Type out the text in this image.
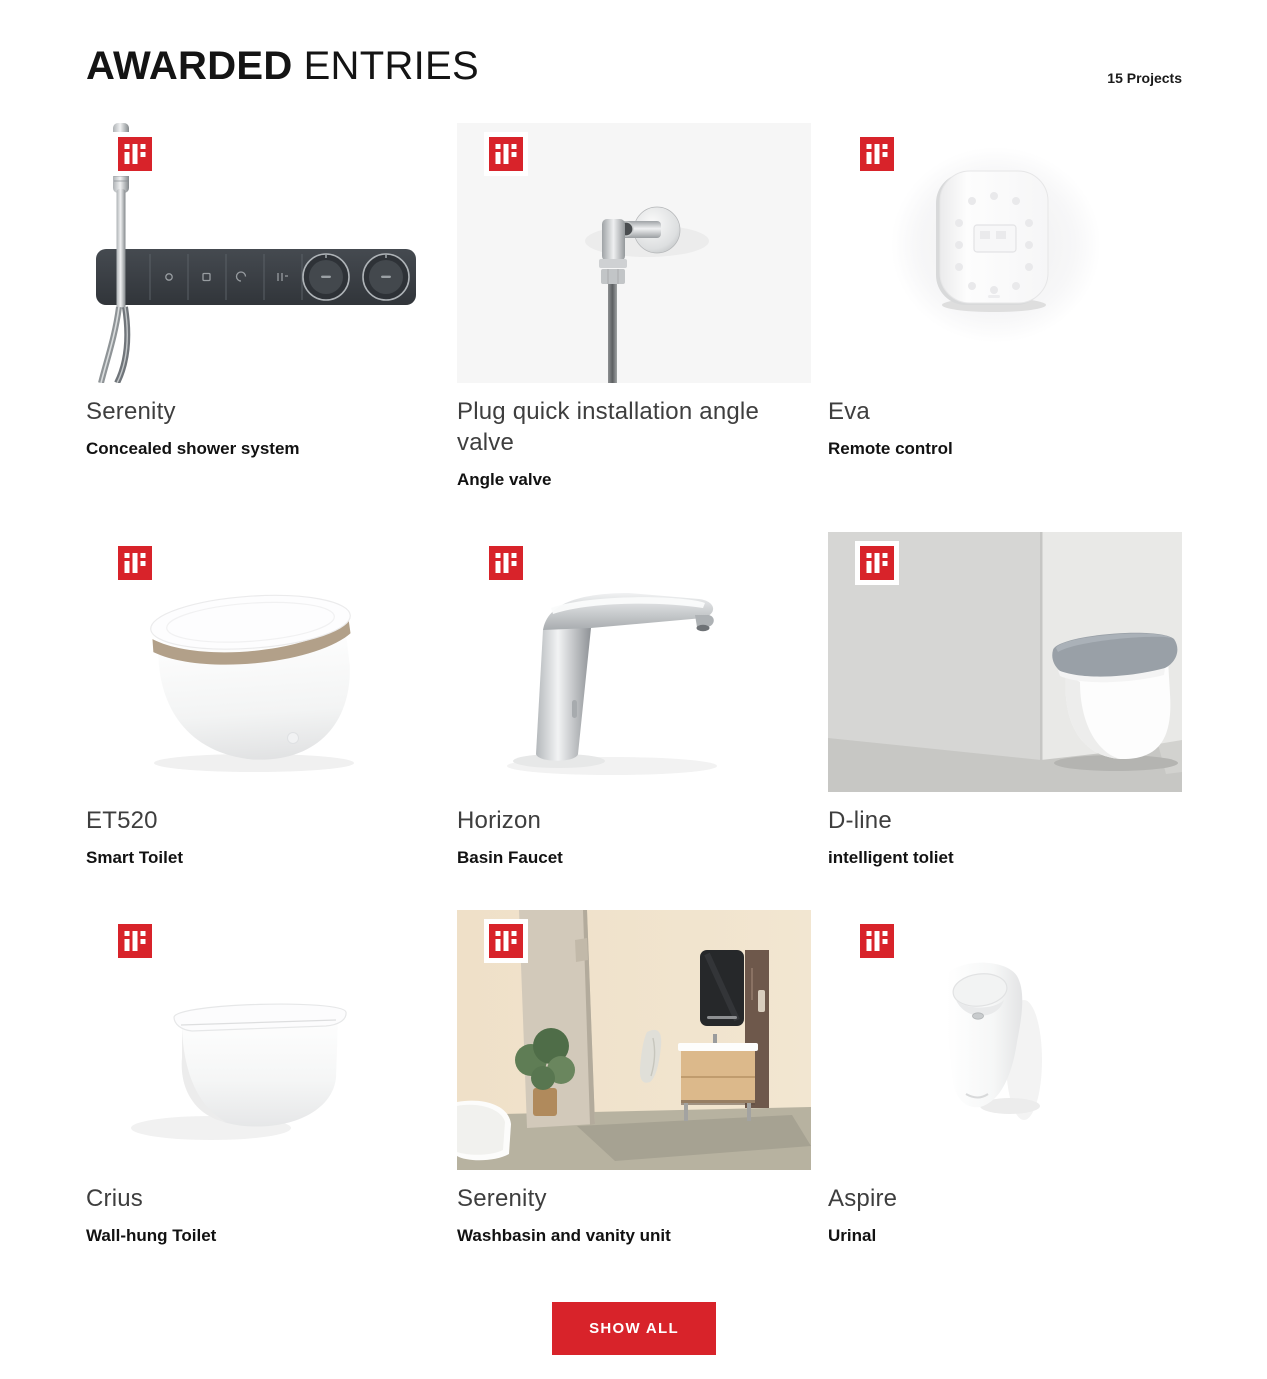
AWARDED ENTRIES	15 Projects
Serenity
Concealed shower system
Plug quick installation angle valve
Angle valve
Eva
Remote control
ET520
Smart Toilet
Horizon
Basin Faucet
D-line
intelligent toliet
Crius
Wall-hung Toilet
Serenity
Washbasin and vanity unit
Aspire
Urinal
SHOW ALL
